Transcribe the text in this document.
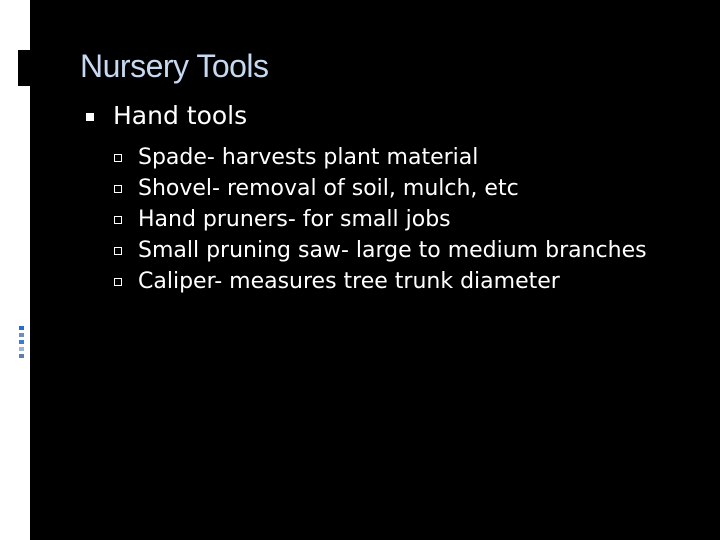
Nursery Tools
Hand tools
Spade- harvests plant material
Shovel- removal of soil, mulch, etc
Hand pruners- for small jobs
Small pruning saw- large to medium branches
Caliper- measures tree trunk diameter
